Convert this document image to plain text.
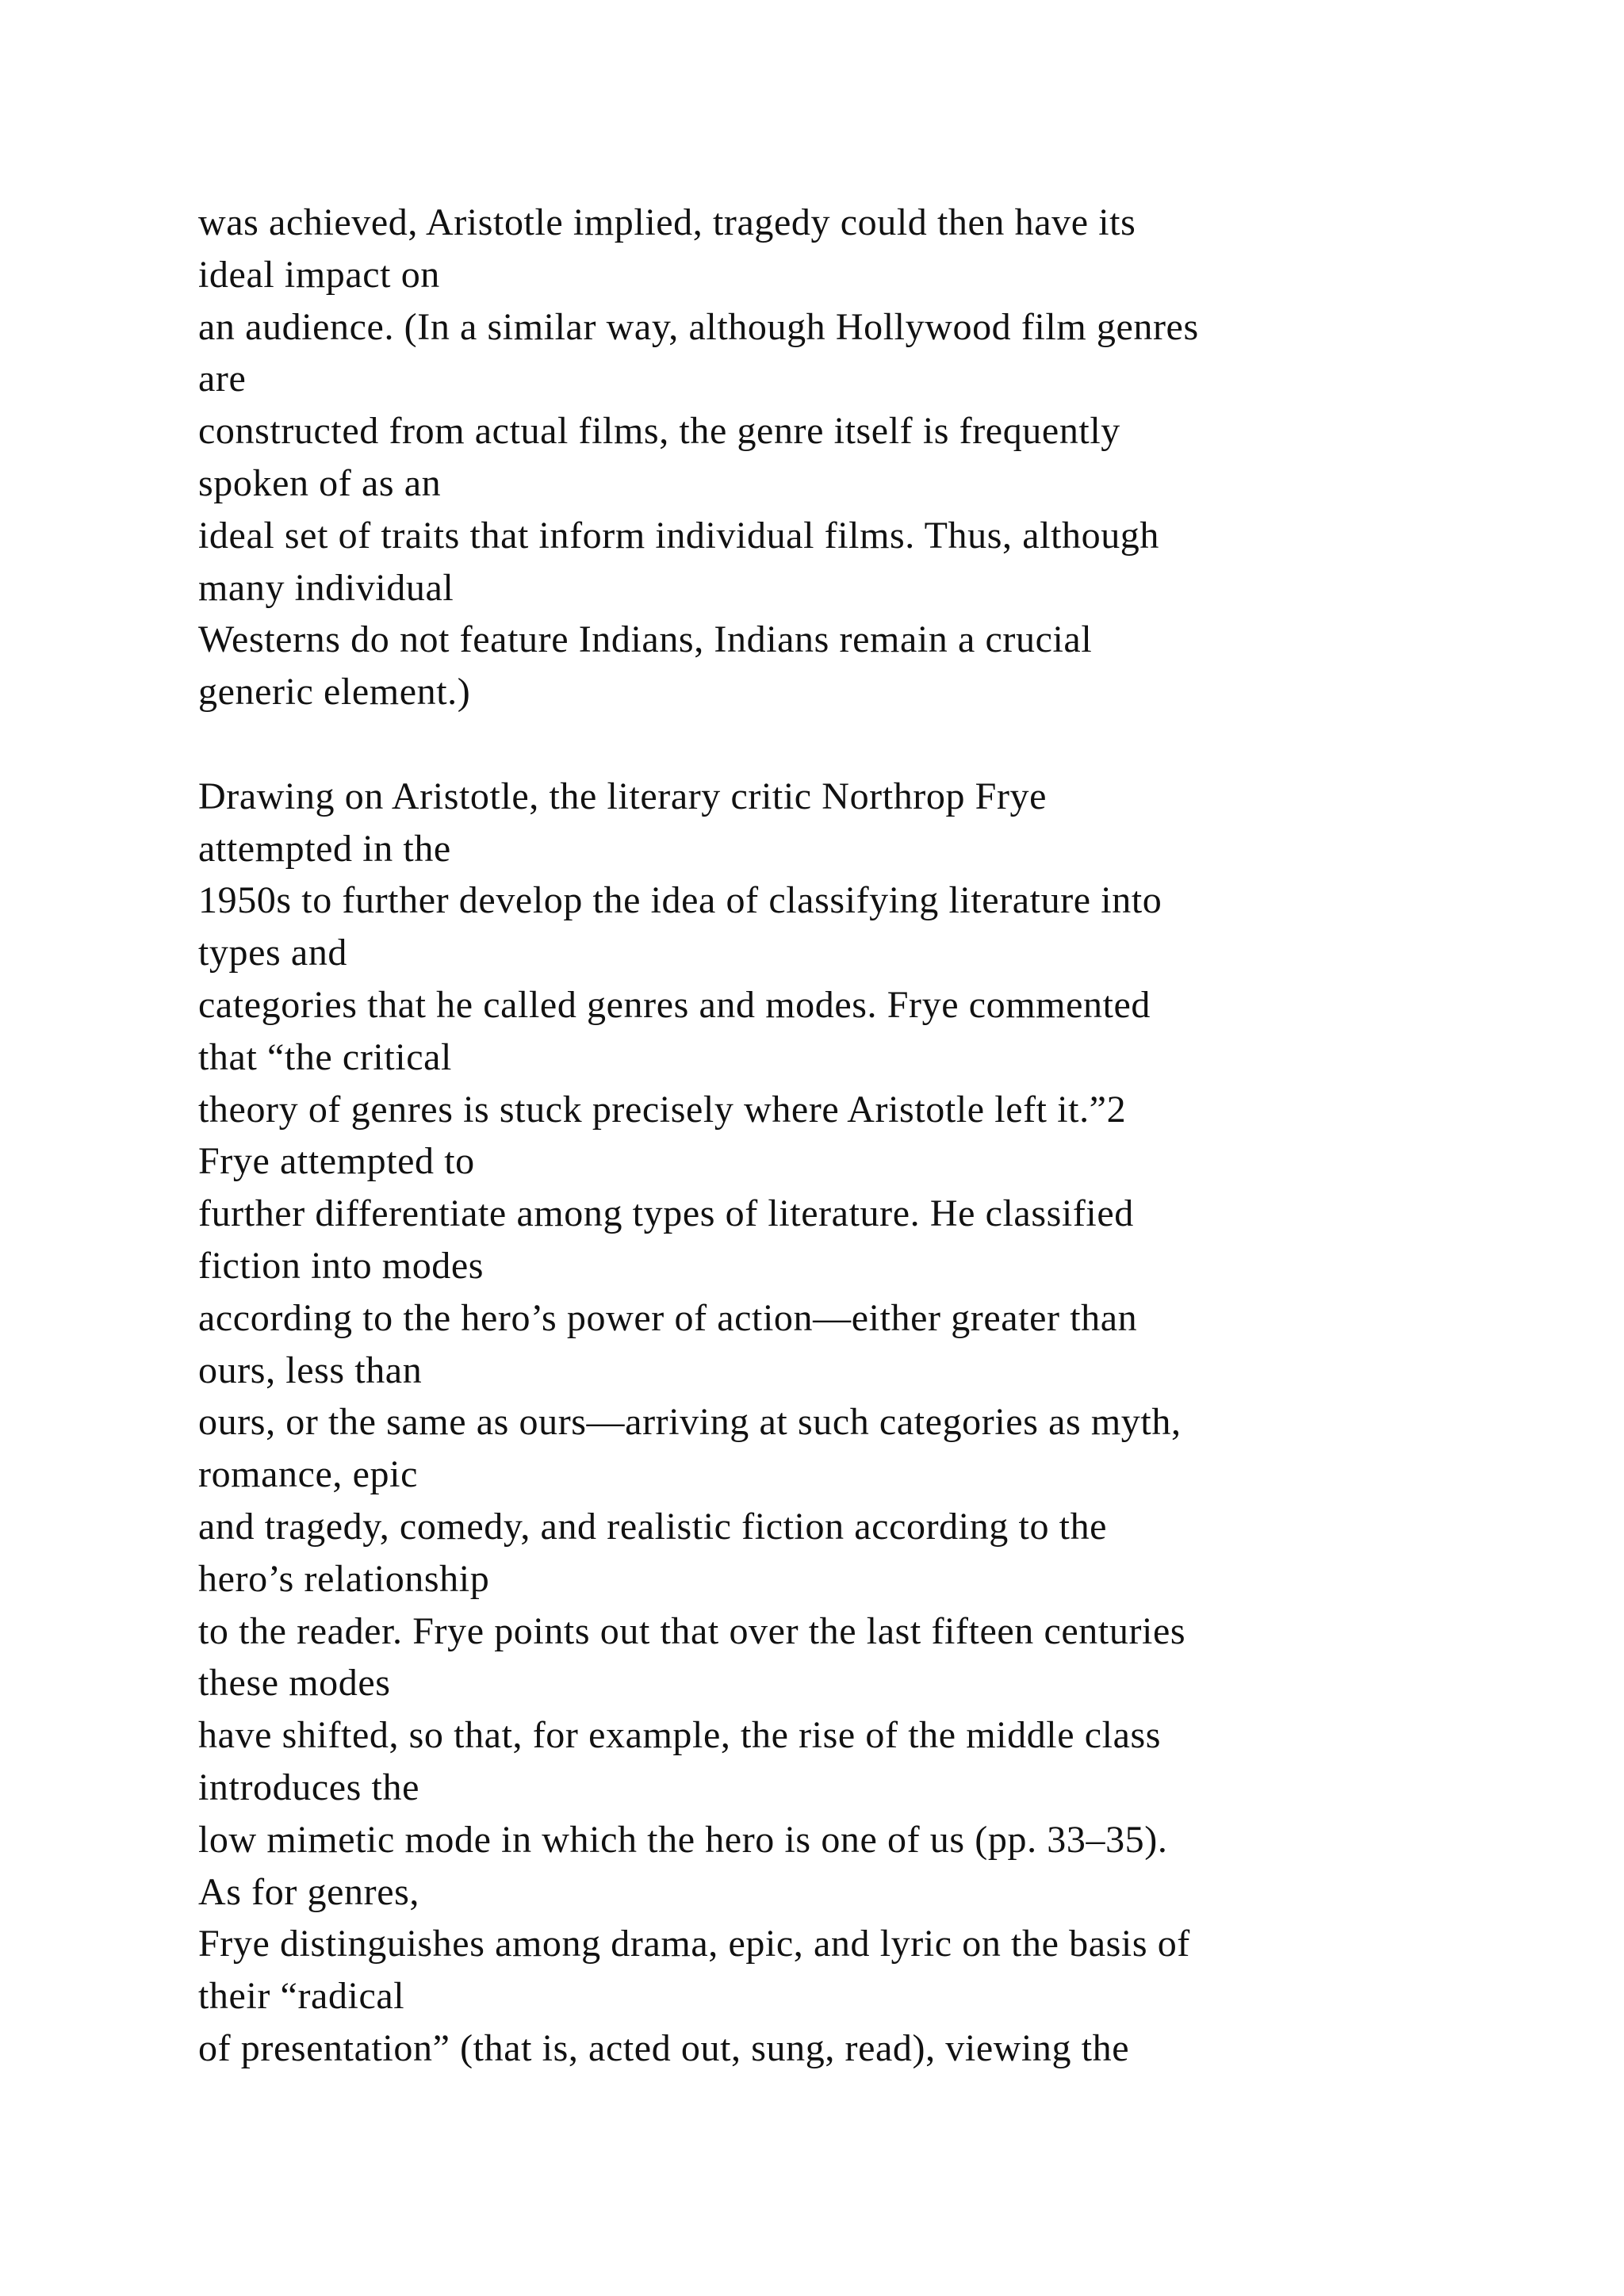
was achieved, Aristotle implied, tragedy could then have its
ideal impact on
an audience. (In a similar way, although Hollywood film genres
are
constructed from actual films, the genre itself is frequently
spoken of as an
ideal set of traits that inform individual films. Thus, although
many individual
Westerns do not feature Indians, Indians remain a crucial
generic element.)
Drawing on Aristotle, the literary critic Northrop Frye
attempted in the
1950s to further develop the idea of classifying literature into
types and
categories that he called genres and modes. Frye commented
that “the critical
theory of genres is stuck precisely where Aristotle left it.”2
Frye attempted to
further differentiate among types of literature. He classified
fiction into modes
according to the hero’s power of action—either greater than
ours, less than
ours, or the same as ours—arriving at such categories as myth,
romance, epic
and tragedy, comedy, and realistic fiction according to the
hero’s relationship
to the reader. Frye points out that over the last fifteen centuries
these modes
have shifted, so that, for example, the rise of the middle class
introduces the
low mimetic mode in which the hero is one of us (pp. 33–35).
As for genres,
Frye distinguishes among drama, epic, and lyric on the basis of
their “radical
of presentation” (that is, acted out, sung, read), viewing the
